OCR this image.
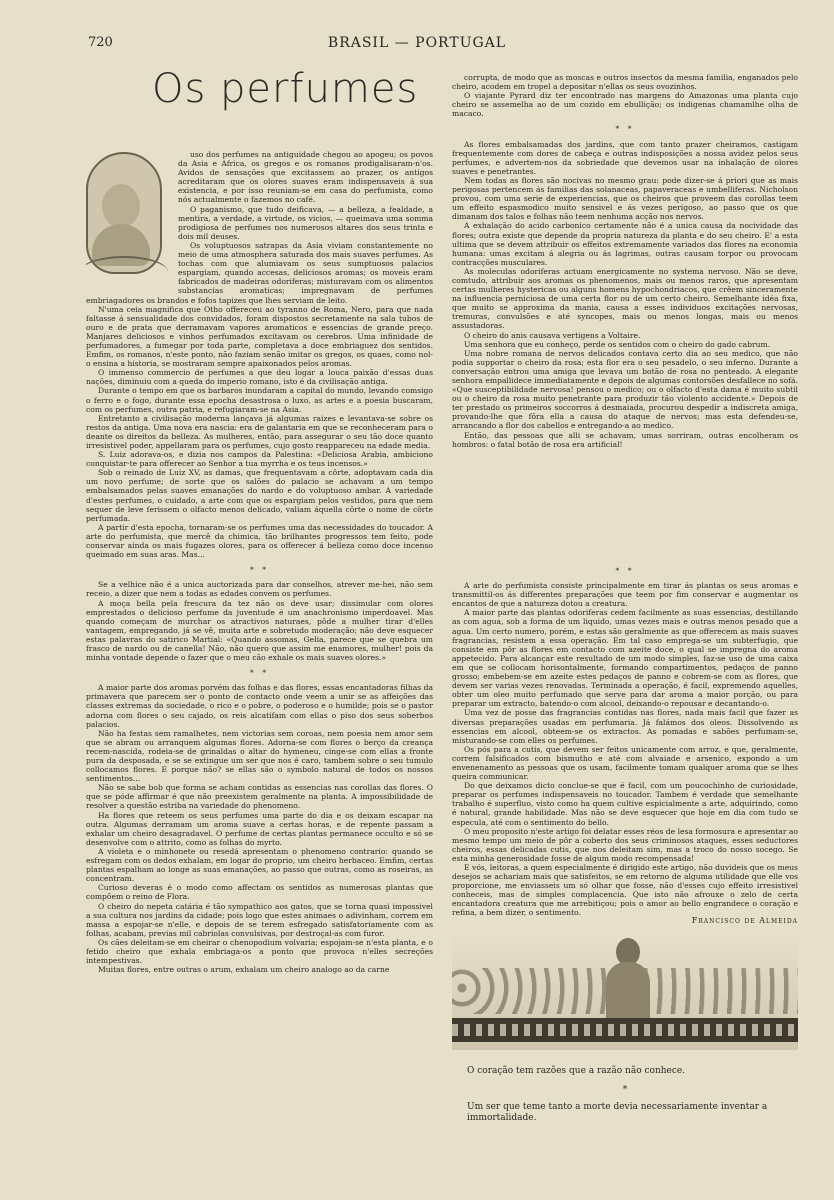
720	BRASIL — PORTUGAL
Os perfumes

uso dos perfumes na antiguidade chegou ao apogeu; os povos da Asia e Africa, os gregos e os romanos prodigalisaram-n'os. Avidos de sensações que excitassem ao prazer, os antigos acreditaram que os olores suaves eram indispensaveis á sua existencia, e por isso reuniam-se em casa do perfumista, como nós actualmente o fazemos no café.

O paganismo, que tudo deificava, — a belleza, a fealdade, a mentira, a verdade, a virtude, os vicios, — queimava uma somma prodigiosa de perfumes nos numerosos altares dos seus trinta e dois mil deuses.

Os voluptuosos satrapas da Asia viviam constantemente no meio de uma atmosphera saturada dos mais suaves perfumes. As tochas com que alumiavam os seus sumptuosos palacios espargiam, quando accesas, deliciosos aromas; os moveis eram fabricados de madeiras odoriferas; misturavam com os alimentos substancias aromaticas; impregnavam de perfumes embriagadores os brandos e fofos tapizes que lhes serviam de leito.

N'uma ceia magnifica que Otho offereceu ao tyranno de Roma, Nero, para que nada faltasse á sensualidade dos convidados, foram dispostos secretamente na sala tubos de ouro e de prata que derramavam vapores aromaticos e essencias de grande preço. Manjares deliciosos e vinhos perfumados excitavam os cerebros. Uma infinidade de perfumadores, a fumegar por toda parte, completava a doce embriaguez dos sentidos. Emfim, os romanos, n'este ponto, não faziam senão imitar os gregos, os quaes, como nol-o ensina a historia, se mostraram sempre apaixonados pelos aromas.

O immenso commercio de perfumes a que deu logar a louca paixão d'essas duas nações, diminuiu com a queda do imperio romano, isto é da civilisação antiga.

Durante o tempo em que os barbaros inundaram a capital do mundo, levando comsigo o ferro e o fogo, durante essa epocha desastrosa o luxo, as artes e a poesia buscaram, com os perfumes, outra patria, e refugiaram-se na Asia.

Entretanto a civilisação moderna lançava já algumas raizes e levantava-se sobre os restos da antiga. Uma nova era nascia: era de galantaria em que se reconheceram para o deante os direitos da belleza. As mulheres, então, para assegurar o seu tão doce quanto irresistivel poder, appellaram para os perfumes, cujo gosto reappareceu na edade media.

S. Luiz adorava-os, e dizia nos campos da Palestina: «Deliciosa Arabia, ambiciono conquistar-te para offerecer ao Senhor a tua myrrha e os teus incensos.»

Sob o reinado de Luiz XV, as damas, que frequentavam a côrte, adoptavam cada dia um novo perfume; de sorte que os salões do palacio se achavam a um tempo embalsamados pelas suaves emanações do nardo e do voluptuoso ambar. A variedade d'estes perfumes, o cuidado, a arte com que os espargiam pelos vestidos, para que nem sequer de leve ferissem o olfacto menos delicado, valiam áquella côrte o nome de côrte perfumada.

A partir d'esta epocha, tornaram-se os perfumes uma das necessidades do toucador. A arte do perfumista, que mercê da chimica, tão brilhantes progressos tem feito, pode conservar ainda os mais fugazes olores, para os offerecer á belleza como doce incenso queimado em suas aras. Mas...

* *

Se a velhice não é a unica auctorizada para dar conselhos, atrever me-hei, não sem receio, a dizer que nem a todas as edades convem os perfumes.

A moça bella pela frescura da tez não os deve usar; dissimular com olores emprestados o delicioso perfume da juventude é um anachronismo imperdoavel. Mas quando começam de murchar os atractivos naturaes, pôde a mulher tirar d'elles vantagem, empregando, já se vê, muita arte e sobretudo moderação; não deve esquecer estas palavras do satirico Martial: «Quando assomas, Gelia, parece que se quebra um frasco de nardo ou de canella! Não, não quero que assim me enamores, mulher! pois da minha vontade depende o fazer que o meu cão exhale os mais suaves olores.»

* *

A maior parte dos aromas porvém das folhas e das flores, essas encantadoras filhas da primavera que parecem ser o ponto de contacto onde veem a unir se as affeições das classes extremas da sociedade, o rico e o pobre, o poderoso e o humilde; pois se o pastor adorna com flores o seu cajado, os reis alcatifam com ellas o piso dos seus soberbos palacios.

Não ha festas sem ramalhetes, nem victorias sem coroas, nem poesia nem amor sem que se abram ou arranquem algumas flores. Adorna-se com flores o berço da creança recem-nascida, rodeia-se de grinaldas o altar do hymeneu, cinge-se com ellas a fronte pura da desposada, e se se extingue um ser que nos é caro, tambem sobre o seu tumulo collocamos flores. E porque não? se ellas são o symbolo natural de todos os nossos sentimentos...

Não se sabe bob que forma se acham contidas as essencias nas corollas das flores. O que se póde affirmar é que não preexistem geralmente na planta. A impossibilidade de resolver a questão estriba na variedade do phenomeno.

Ha flores que reteem os seus perfumes uma parte do dia e os deixam escapar na outra. Algumas derramam um aroma suave a certas horas, e de repente passam a exhalar um cheiro desagradavel. O perfume de certas plantas permanece occulto e só se desenvolve com o attrito, como as folhas do myrto.

A violeta e o minhonete ou resedá apresentam o phenomeno contrario: quando se esfregam com os dedos exhalam, em logar do proprio, um cheiro herbaceo. Emfim, certas plantas espalham ao longe as suas emanações, ao passo que outras, como as roseiras, as concentram.

Curioso deveras é o modo como affectam os sentidos as numerosas plantas que compõem o reino de Flora.

O cheiro do nepeta catária é tão sympathico aos gatos, que se torna quasi impossivel a sua cultura nos jardins da cidade; pois logo que estes animaes o adivinham, correm em massa a espojar-se n'elle, e depois de se terem esfregado satisfatoriamente com as folhas, acabam, previas mil cabriolas convulsivas, por destroçal-as com furor.

Os cães deleitam-se em cheirar o chenopodium volvaria; espojam-se n'esta planta, e o fetido cheiro que exhala embriaga-os a ponto que provoca n'elles secreções intempestivas.

Muitas flores, entre outras o arum, exhalam um cheiro analogo ao da carne

corrupta, de modo que as moscas e outros insectos da mesma familia, enganados pelo cheiro, acodem em tropel a depositar n'ellas os seus ovozinhos.

O viajante Pyrard diz ter encontrado nas margens do Amazonas uma planta cujo cheiro se assemelha ao de um cozido em ebullição; os indigenas chamamlhe olha de macaco.

* *

As flores embalsamadas dos jardins, que com tanto prazer cheiramos, castigam frequentemente com dores de cabeça e outras indisposições a nossa avidez pelos seus perfumes, e advertem-nos da sobriedade que devemos usar na inhalação de olores suaves e penetrantes.

Nem todas as flores são nocivas no mesmo grau: pode dizer-se á priori que as mais perigosas pertencem ás familias das solanaceas, papaveraceas e umbelliferas. Nicholson provou, com uma serie de experiencias, que os cheiros que proveem das corollas teem um effeito espasmodico muito sensivel e ás vezes perigoso, ao passo que os que dimanam dos talos e folhas não teem nenhuma acção nos nervos.

A exhalação do acido carbonico certamente não é a unica causa da nocividade das flores; outra existe que depende da propria natureza da planta e do seu cheiro. E' a esta ultima que se devem attribuir os effeitos extremamente variados das flores na economia humana: umas excitam á alegria ou ás lagrimas, outras causam torpor ou provocam contracções musculares.

As moleculas odoriferas actuam energicamente no systema nervoso. Não se deve, comtudo, attribuir aos aromas os phenomenos, mais ou menos raros, que apresentam certas mulheres hystericas ou alguns homens hypochondriacos, que crêem sinceramente na influencia perniciosa de uma certa flor ou de um certo cheiro. Semelhante idéa fixa, que muito se approxima da mania, causa a esses individuos excitações nervosas, tremuras, convulsões e até syncopes, mais ou menos longas, mais ou menos assustadoras.

O cheiro do anis causava vertigens a Voltaire.

Uma senhora que eu conheço, perde os sentidos com o cheiro do gado cabrum.

Uma nobre romana de nervos delicados contava certo dia ao seu medico, que não podia supportar o cheiro da rosa; esta flor era o seu pesadelo, o seu inferno. Durante a conversação entrou uma amiga que levava um botão de rosa no penteado. A elegante senhora empallidece immediatamente e depois de algumas contorsões desfallece no sofá. «Que susceptibilidade nervosa! pensou o medico; ou o olfacto d'esta dama é muito subtil ou o cheiro da rosa muito penetrante para produzir tão violento accidente.» Depois de ter prestado os primeiros soccorros á desmaiada, procurou despedir a indiscreta amiga, provando-lhe que fôra ella a causa do ataque de nervos; mas esta defendeu-se, arrancando a flor dos cabellos e entregando-a ao medico.

Então, das pessoas que alli se achavam, umas sorriram, outras encolheram os hombros: o fatal botão de rosa era artificial!

* *

A arte do perfumista consiste principalmente em tirar ás plantas os seus aromas e transmittil-os ás differentes preparações que teem por fim conservar e augmentar os encantos de que a natureza dotou a creatura.

A maior parte das plantas odoriferas cedem facilmente as suas essencias, destillando as com agua, sob a forma de um liquido, umas vezes mais e outras menos pesado que a agua. Um certo numero, porém, e estas são geralmente as que offerecem as mais suaves fragrancias, resistem a essa operação. Em tal caso emprega-se um subterfugio, que consiste em pôr as flores em contacto com azeite doce, o qual se impregna do aroma appetecido. Para alcançar este resultado de um modo simples, faz-se uso de uma caixa em que se collocam horisontalmente, formando compartimentos, pedaços de panno grosso; embebem-se em azeite estes pedaços de panno e cobrem-se com as flores, que devem ser varias vezes renovadas. Terminada a operação, é facil, expremendo aquelles, obter um oleo muito perfumado que serve para dar aroma a maior porção, ou para preparar um extracto, batendo-o com alcool, deixando-o repousar e decantando-o.

Uma vez de posse das fragrancias contidas nas flores, nada mais facil que fazer as diversas preparações usadas em perfumaria. Já falámos dos oleos. Dissolvendo as essencias em alcool, obteem-se os extractos. As pomadas e sabões perfumam-se, misturando-se com elles os perfumes.

Os pós para a cutis, que devem ser feitos unicamente com arroz, e que, geralmente, correm falsificados com bismutho e até com alvaiade e arsenico, expondo a um envenenamento as pessoas que os usam, facilmente tomam qualquer aroma que se lhes queira communicar.

Do que deixamos dicto conclue-se que é facil, com um poucochinho de curiosidade, preparar os perfumes indispensaveis no toucador. Tambem é verdade que semelhante trabalho é superfluo, visto como ha quem cultive espicialmente a arte, adquirindo, como é natural, grande habilidade. Mas não se deve esquecer que hoje em dia com tudo se especula, até com o sentimento do bello.

O meu proposito n'este artigo foi delatar esses réos de lesa formosura e apresentar ao mesmo tempo um meio de pôr a coberto dos seus criminosos ataques, esses seductores cheiros, essas delicadas cutis, que nos deleitam sim, mas a troco do nosso socego. Se esta minha generosidade fosse de algum modo recompensada!

E vós, leitoras, a quem especialmente é dirigido este artigo, não duvideis que os meus desejos se achariam mais que satisfeitos, se em retorno de alguma utilidade que elle vos proporcione, me enviasseis um só olhar que fosse, não d'esses cujo effeito irresistivel conheceis, mas de simples complacencia. Que isto não afrouxe o zelo de certa encantadora creatura que me arrebitiçou; pois o amor ao bello engrandece o coração e refina, a bem dizer, o sentimento.

Francisco de Almeida
O coração tem razões que a razão não conhece.
*
Um ser que teme tanto a morte devia necessariamente inventar a immortalidade.
